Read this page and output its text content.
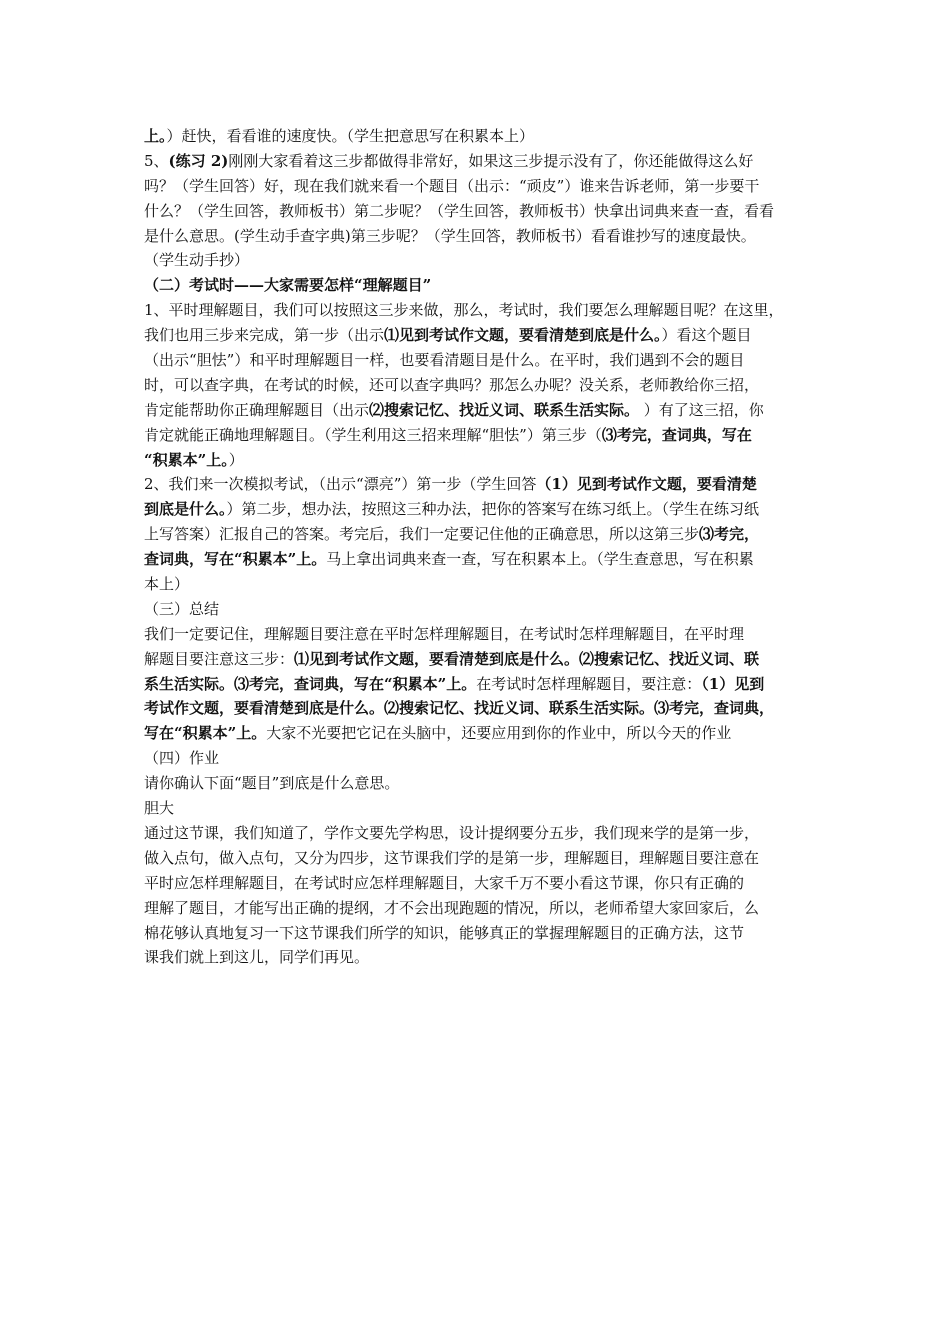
上。）赶快，看看谁的速度快。（学生把意思写在积累本上）
5、(练习 2)刚刚大家看着这三步都做得非常好，如果这三步提示没有了，你还能做得这么好
吗？（学生回答）好，现在我们就来看一个题目（出示：“顽皮”）谁来告诉老师，第一步要干
什么？（学生回答，教师板书）第二步呢？（学生回答，教师板书）快拿出词典来查一查，看看
是什么意思。(学生动手查字典)第三步呢？（学生回答，教师板书）看看谁抄写的速度最快。
（学生动手抄）
（二）考试时——大家需要怎样“理解题目”
1、平时理解题目，我们可以按照这三步来做，那么，考试时，我们要怎么理解题目呢？在这里，
我们也用三步来完成，第一步（出示⑴见到考试作文题，要看清楚到底是什么。）看这个题目
（出示“胆怯”）和平时理解题目一样，也要看清题目是什么。在平时，我们遇到不会的题目
时，可以查字典，在考试的时候，还可以查字典吗？那怎么办呢？没关系，老师教给你三招，
肯定能帮助你正确理解题目（出示⑵搜索记忆、找近义词、联系生活实际。 ）有了这三招，你
肯定就能正确地理解题目。（学生利用这三招来理解“胆怯”）第三步（⑶考完，查词典，写在
“积累本”上。）
2、我们来一次模拟考试，（出示“漂亮”）第一步（学生回答（1）见到考试作文题，要看清楚
到底是什么。）第二步，想办法，按照这三种办法，把你的答案写在练习纸上。（学生在练习纸
上写答案）汇报自己的答案。考完后，我们一定要记住他的正确意思，所以这第三步⑶考完，
查词典，写在“积累本”上。马上拿出词典来查一查，写在积累本上。（学生查意思，写在积累
本上）
（三）总结
我们一定要记住，理解题目要注意在平时怎样理解题目，在考试时怎样理解题目，在平时理
解题目要注意这三步：⑴见到考试作文题，要看清楚到底是什么。⑵搜索记忆、找近义词、联
系生活实际。⑶考完，查词典，写在“积累本”上。在考试时怎样理解题目，要注意：（1）见到
考试作文题，要看清楚到底是什么。⑵搜索记忆、找近义词、联系生活实际。⑶考完，查词典，
写在“积累本”上。大家不光要把它记在头脑中，还要应用到你的作业中，所以今天的作业
（四）作业
请你确认下面“题目”到底是什么意思。
胆大
通过这节课，我们知道了，学作文要先学构思，设计提纲要分五步，我们现来学的是第一步，
做入点句，做入点句，又分为四步，这节课我们学的是第一步，理解题目，理解题目要注意在
平时应怎样理解题目，在考试时应怎样理解题目，大家千万不要小看这节课，你只有正确的
理解了题目，才能写出正确的提纲，才不会出现跑题的情况，所以，老师希望大家回家后，么
棉花够认真地复习一下这节课我们所学的知识，能够真正的掌握理解题目的正确方法，这节
课我们就上到这儿，同学们再见。
